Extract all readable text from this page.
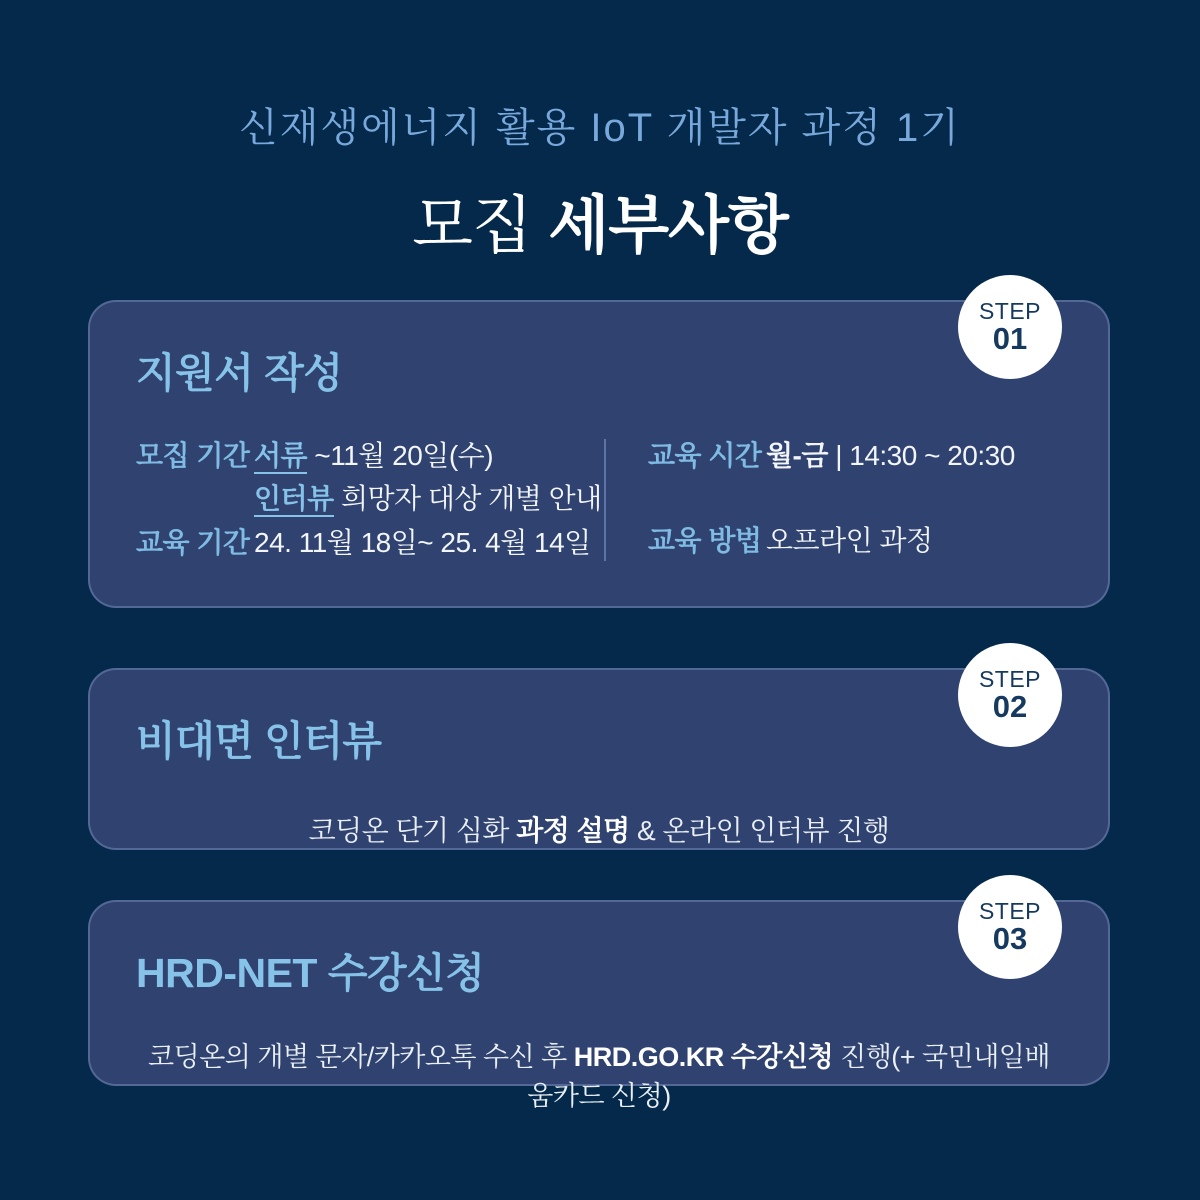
신재생에너지 활용 IoT 개발자 과정 1기
모집 세부사항
STEP
01
지원서 작성
모집 기간 서류 ~11월 20일(수)
인터뷰 희망자 대상 개별 안내
교육 기간 24. 11월 18일~ 25. 4월 14일
교육 시간 월-금 | 14:30 ~ 20:30
교육 방법 오프라인 과정
STEP
02
비대면 인터뷰
코딩온 단기 심화 과정 설명 & 온라인 인터뷰 진행
STEP
03
HRD-NET 수강신청
코딩온의 개별 문자/카카오톡 수신 후 HRD.GO.KR 수강신청 진행(+ 국민내일배움카드 신청)
